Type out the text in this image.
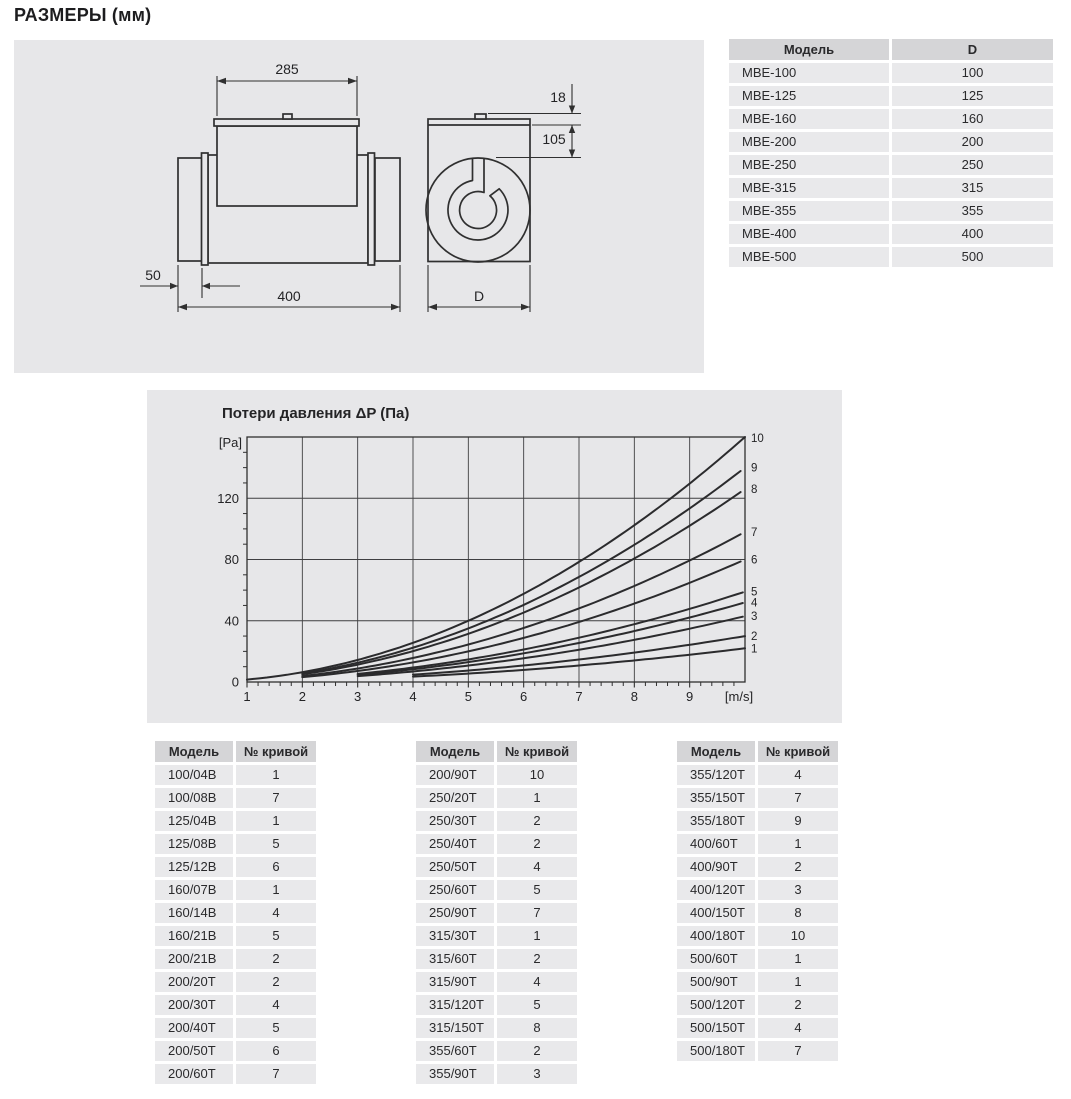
РАЗМЕРЫ (мм)
285
50
400
18
105
D
Модель	D
МВЕ-100	100
МВЕ-125	125
МВЕ-160	160
МВЕ-200	200
МВЕ-250	250
МВЕ-315	315
МВЕ-355	355
МВЕ-400	400
МВЕ-500	500
Потери давления ΔP (Па)
1	2	3	4	5	6	7	8	9 [m/s]
0
40
80
120
[Pa]
1
2
3
4
5
6
7
8
9
10
Модель	№ кривой
100/04В	1
100/08В	7
125/04В	1
125/08В	5
125/12В	6
160/07В	1
160/14В	4
160/21В	5
200/21В	2
200/20Т	2
200/30Т	4
200/40Т	5
200/50Т	6
200/60Т	7
Модель	№ кривой
200/90Т	10
250/20Т	1
250/30Т	2
250/40Т	2
250/50Т	4
250/60Т	5
250/90Т	7
315/30Т	1
315/60Т	2
315/90Т	4
315/120Т	5
315/150Т	8
355/60Т	2
355/90Т	3
Модель	№ кривой
355/120Т	4
355/150Т	7
355/180Т	9
400/60Т	1
400/90Т	2
400/120Т	3
400/150Т	8
400/180Т	10
500/60Т	1
500/90Т	1
500/120Т	2
500/150Т	4
500/180Т	7
